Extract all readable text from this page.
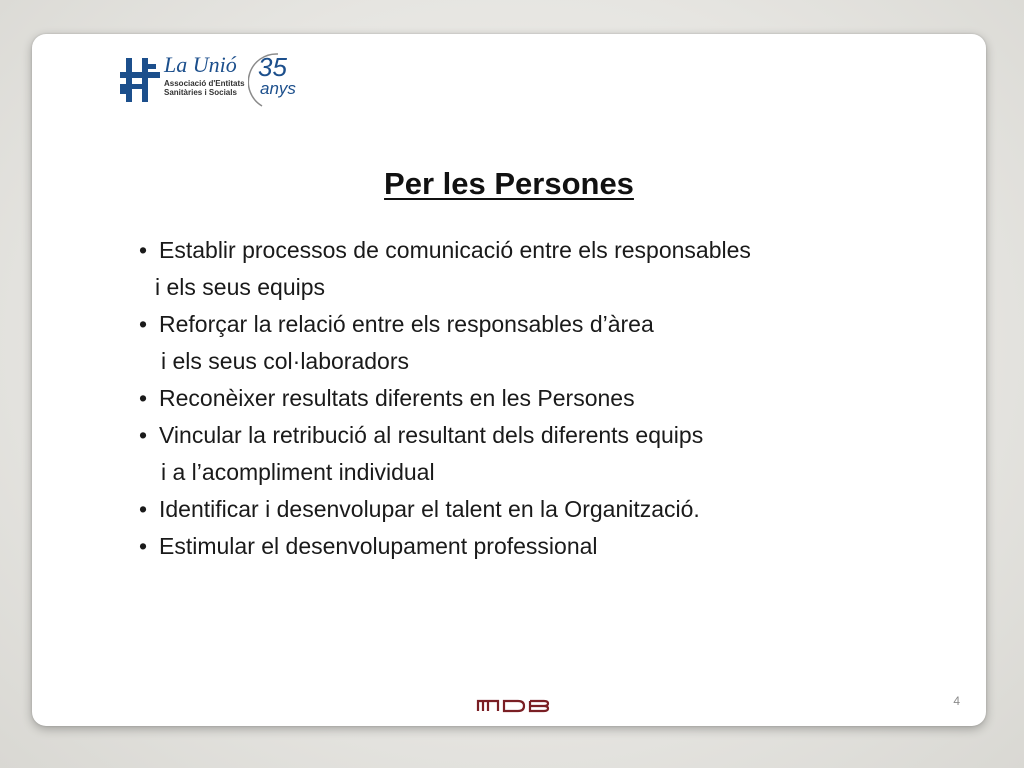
La Unió
Associació d'Entitats
Sanitàries i Socials
35
anys
Per les Persones
• Establir processos de comunicació entre els responsables
i els seus equips
• Reforçar la relació entre els responsables d’àrea
i els seus col·laboradors
• Reconèixer resultats diferents en les Persones
• Vincular la retribució al resultant dels diferents equips
i a l’acompliment individual
• Identificar i desenvolupar el talent en la Organització.
• Estimular el desenvolupament professional
4
